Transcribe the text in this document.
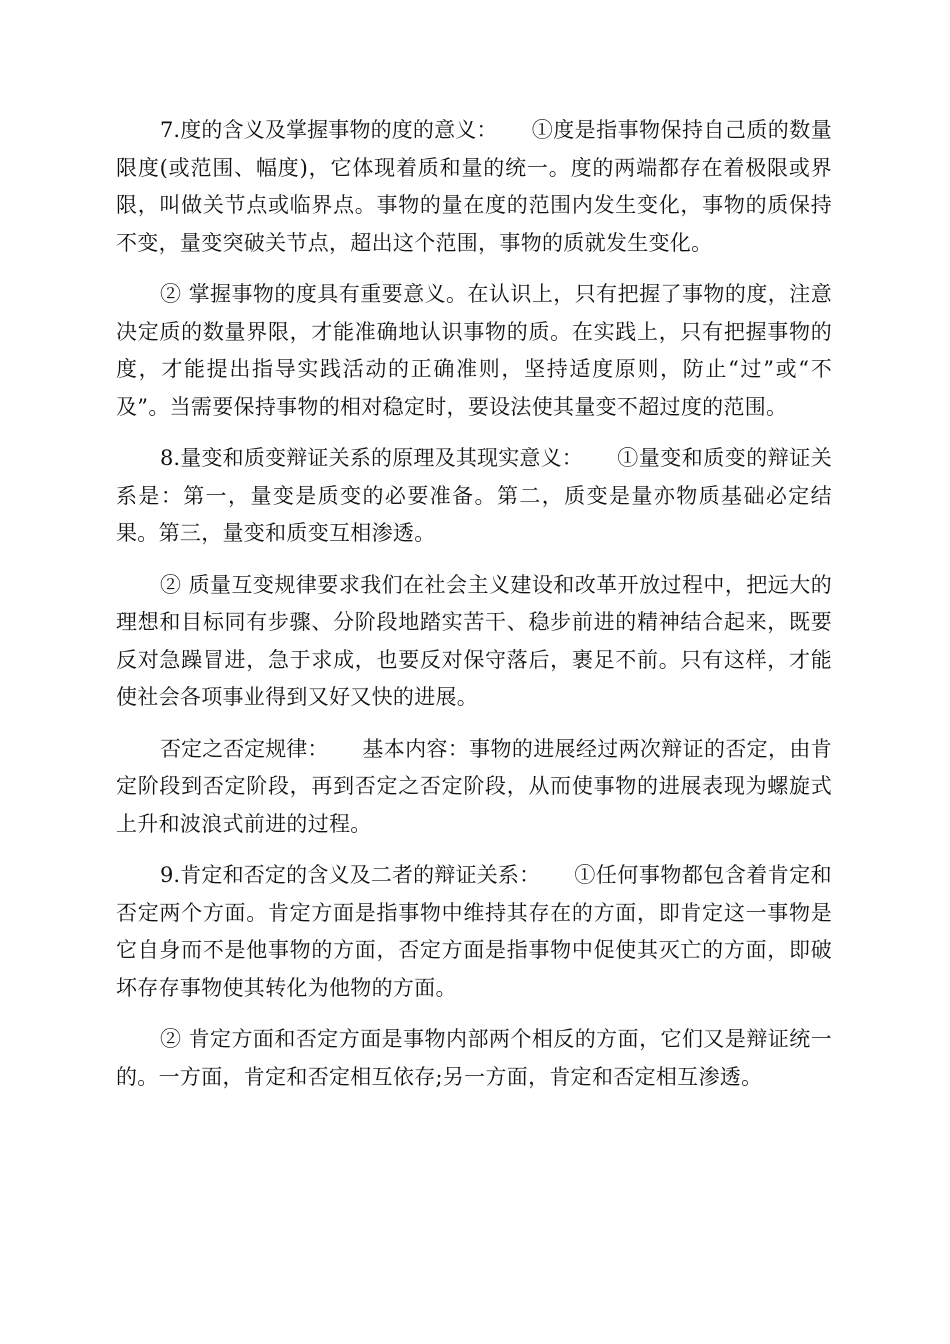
7.度的含义及掌握事物的度的意义： ①度是指事物保持自己质的数量限度(或范围、幅度)，它体现着质和量的统一。度的两端都存在着极限或界限，叫做关节点或临界点。事物的量在度的范围内发生变化，事物的质保持不变，量变突破关节点，超出这个范围，事物的质就发生变化。

② 掌握事物的度具有重要意义。在认识上，只有把握了事物的度，注意决定质的数量界限，才能准确地认识事物的质。在实践上，只有把握事物的度，才能提出指导实践活动的正确准则，坚持适度原则，防止“过”或“不及”。当需要保持事物的相对稳定时，要设法使其量变不超过度的范围。

8.量变和质变辩证关系的原理及其现实意义： ①量变和质变的辩证关系是：第一，量变是质变的必要准备。第二，质变是量亦物质基础必定结果。第三，量变和质变互相渗透。

② 质量互变规律要求我们在社会主义建设和改革开放过程中，把远大的理想和目标同有步骤、分阶段地踏实苦干、稳步前进的精神结合起来，既要反对急躁冒进，急于求成，也要反对保守落后，裹足不前。只有这样，才能使社会各项事业得到又好又快的进展。

否定之否定规律： 基本内容：事物的进展经过两次辩证的否定，由肯定阶段到否定阶段，再到否定之否定阶段，从而使事物的进展表现为螺旋式上升和波浪式前进的过程。

9.肯定和否定的含义及二者的辩证关系： ①任何事物都包含着肯定和否定两个方面。肯定方面是指事物中维持其存在的方面，即肯定这一事物是它自身而不是他事物的方面，否定方面是指事物中促使其灭亡的方面，即破坏存存事物使其转化为他物的方面。

② 肯定方面和否定方面是事物内部两个相反的方面，它们又是辩证统一的。一方面，肯定和否定相互依存;另一方面，肯定和否定相互渗透。
